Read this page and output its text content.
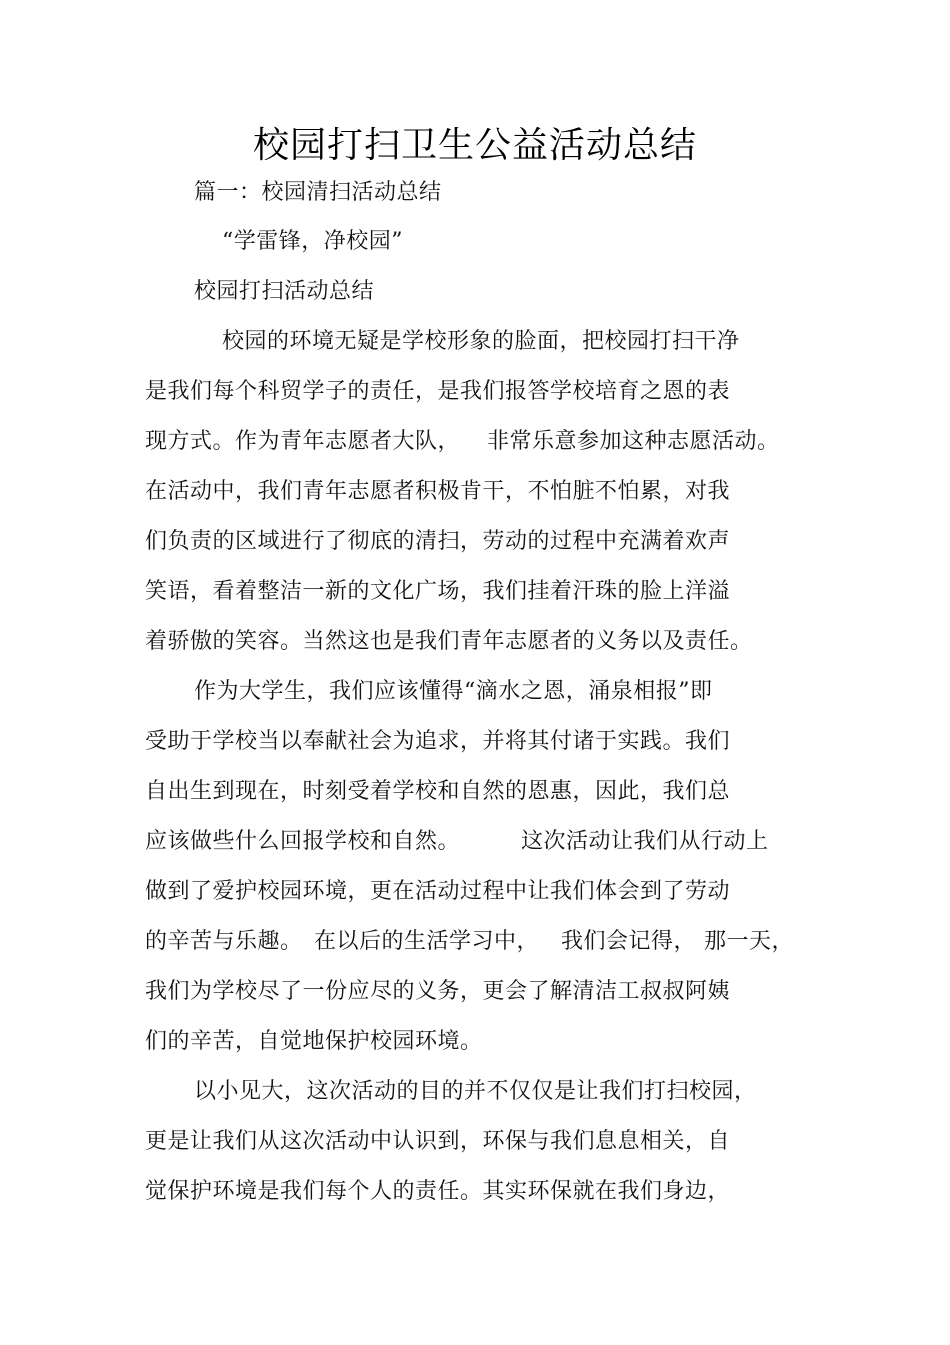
校园打扫卫生公益活动总结
篇一：校园清扫活动总结
“学雷锋，净校园”
校园打扫活动总结
校园的环境无疑是学校形象的脸面，把校园打扫干净
是我们每个科贸学子的责任，是我们报答学校培育之恩的表
现方式。作为青年志愿者大队， 非常乐意参加这种志愿活动。
在活动中，我们青年志愿者积极肯干，不怕脏不怕累，对我
们负责的区域进行了彻底的清扫，劳动的过程中充满着欢声
笑语，看着整洁一新的文化广场，我们挂着汗珠的脸上洋溢
着骄傲的笑容。当然这也是我们青年志愿者的义务以及责任。
作为大学生，我们应该懂得“滴水之恩，涌泉相报”即
受助于学校当以奉献社会为追求，并将其付诸于实践。我们
自出生到现在，时刻受着学校和自然的恩惠，因此，我们总
应该做些什么回报学校和自然。	这次活动让我们从行动上
做到了爱护校园环境，更在活动过程中让我们体会到了劳动
的辛苦与乐趣。 在以后的生活学习中， 我们会记得， 那一天，
我们为学校尽了一份应尽的义务，更会了解清洁工叔叔阿姨
们的辛苦，自觉地保护校园环境。
以小见大，这次活动的目的并不仅仅是让我们打扫校园，
更是让我们从这次活动中认识到，环保与我们息息相关，自
觉保护环境是我们每个人的责任。其实环保就在我们身边，
